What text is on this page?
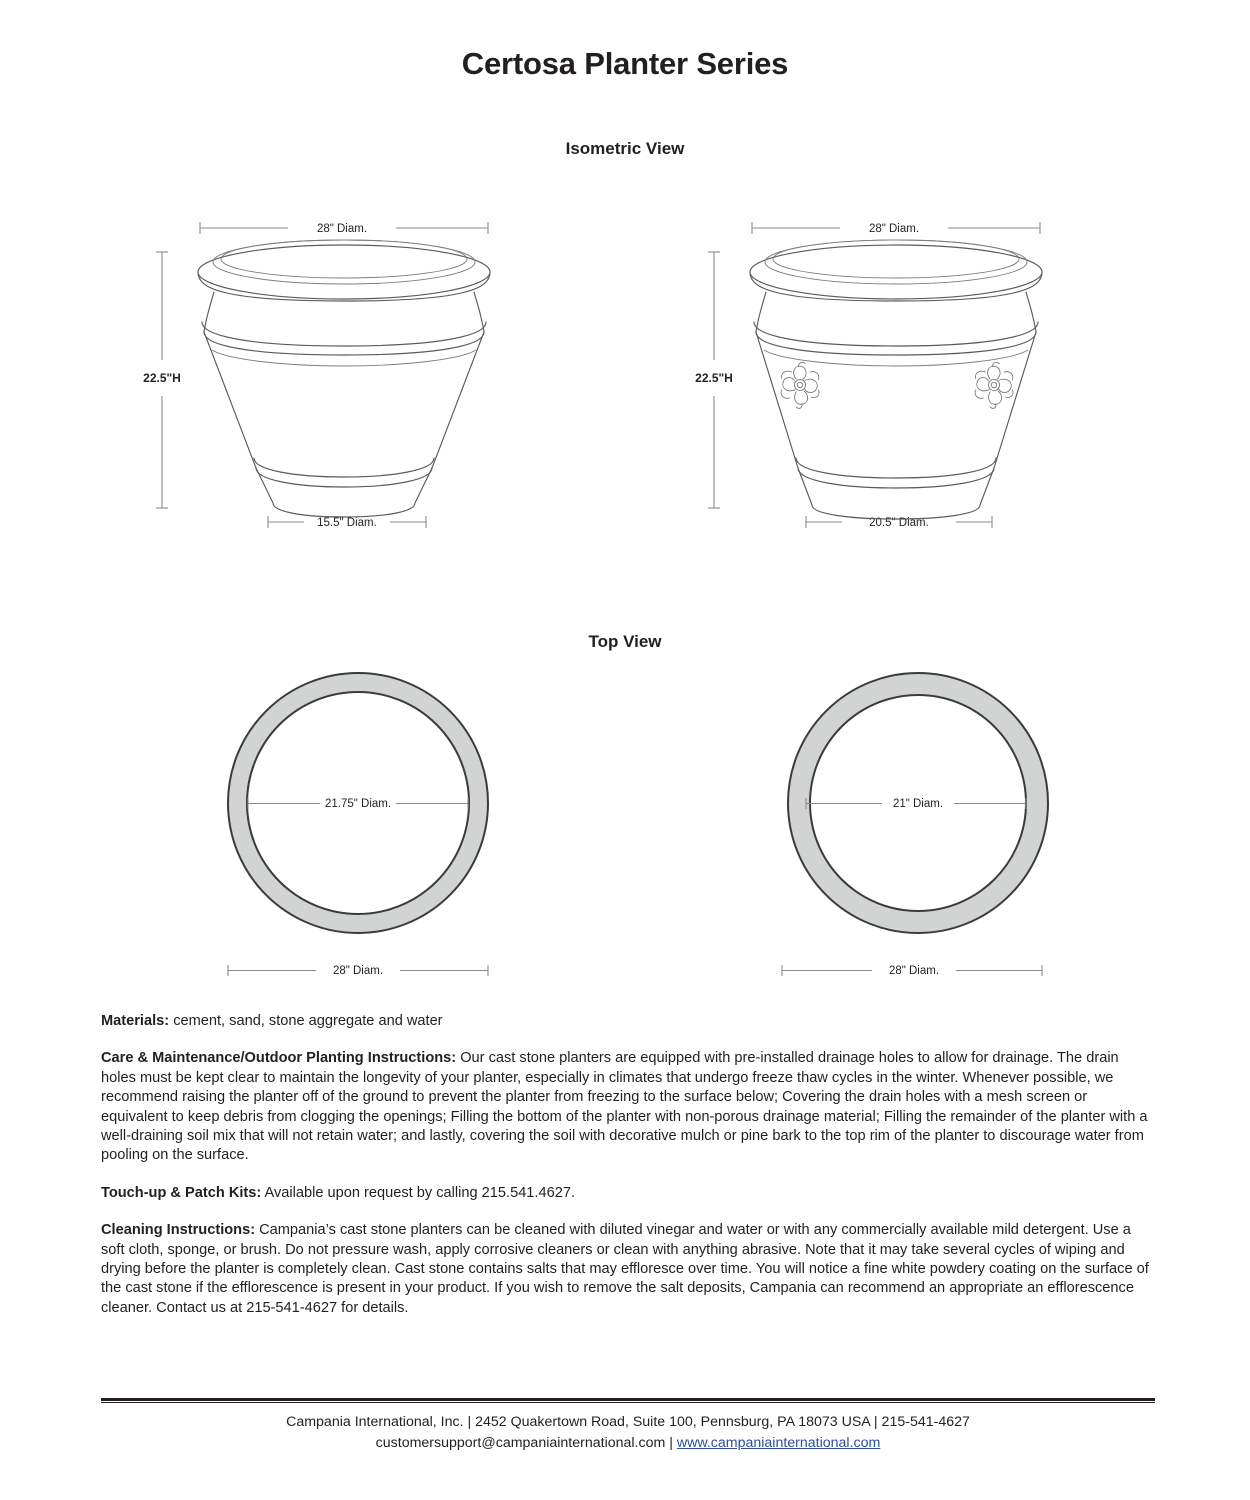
Certosa Planter Series
Isometric View
28" Diam.
22.5"H
15.5" Diam.
28" Diam.
22.5"H
20.5" Diam.
Top View
21.75" Diam.
28" Diam.
21" Diam.
28" Diam.

Materials: cement, sand, stone aggregate and water

Care & Maintenance/Outdoor Planting Instructions: Our cast stone planters are equipped with pre-installed drainage holes to allow for drainage. The drain holes must be kept clear to maintain the longevity of your planter, especially in climates that undergo freeze thaw cycles in the winter. Whenever possible, we recommend raising the planter off of the ground to prevent the planter from freezing to the surface below; Covering the drain holes with a mesh screen or equivalent to keep debris from clogging the openings; Filling the bottom of the planter with non-porous drainage material; Filling the remainder of the planter with a well-draining soil mix that will not retain water; and lastly, covering the soil with decorative mulch or pine bark to the top rim of the planter to discourage water from pooling on the surface.

Touch-up & Patch Kits: Available upon request by calling 215.541.4627.

Cleaning Instructions: Campania’s cast stone planters can be cleaned with diluted vinegar and water or with any commercially available mild detergent. Use a soft cloth, sponge, or brush. Do not pressure wash, apply corrosive cleaners or clean with anything abrasive. Note that it may take several cycles of wiping and drying before the planter is completely clean. Cast stone contains salts that may effloresce over time. You will notice a fine white powdery coating on the surface of the cast stone if the efflorescence is present in your product. If you wish to remove the salt deposits, Campania can recommend an appropriate an efflorescence cleaner. Contact us at 215-541-4627 for details.

Campania International, Inc. | 2452 Quakertown Road, Suite 100, Pennsburg, PA 18073 USA | 215-541-4627
customersupport@campaniainternational.com | www.campaniainternational.com
